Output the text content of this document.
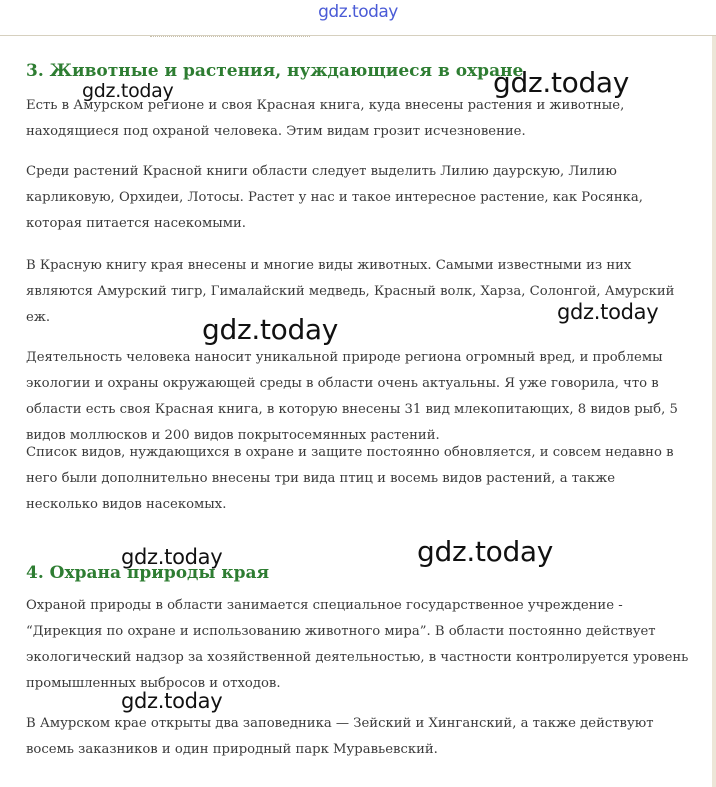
gdz.today
3. Животные и растения, нуждающиеся в охране

Есть в Амурском регионе и своя Красная книга, куда внесены растения и животные, находящиеся под охраной человека. Этим видам грозит исчезновение.

Среди растений Красной книги области следует выделить Лилию даурскую, Лилию карликовую, Орхидеи, Лотосы. Растет у нас и такое интересное растение, как Росянка, которая питается насекомыми.

В Красную книгу края внесены и многие виды животных. Самыми известными из них являются Амурский тигр, Гималайский медведь, Красный волк, Харза, Солонгой, Амурский еж.

Деятельность человека наносит уникальной природе региона огромный вред, и проблемы экологии и охраны окружающей среды в области очень актуальны. Я уже говорила, что в области есть своя Красная книга, в которую внесены 31 вид млекопитающих, 8 видов рыб, 5 видов моллюсков и 200 видов покрытосемянных растений.

Список видов, нуждающихся в охране и защите постоянно обновляется, и совсем недавно в него были дополнительно внесены три вида птиц и восемь видов растений, а также несколько видов насекомых.

4. Охрана природы края

Охраной природы в области занимается специальное государственное учреждение - “Дирекция по охране и использованию животного мира”. В области постоянно действует экологический надзор за хозяйственной деятельностью, в частности контролируется уровень промышленных выбросов и отходов.

В Амурском крае открыты два заповедника — Зейский и Хинганский, а также действуют восемь заказников и один природный парк Муравьевский.

gdz.today
gdz.today
gdz.today
gdz.today
gdz.today	gdz.today
gdz.today
